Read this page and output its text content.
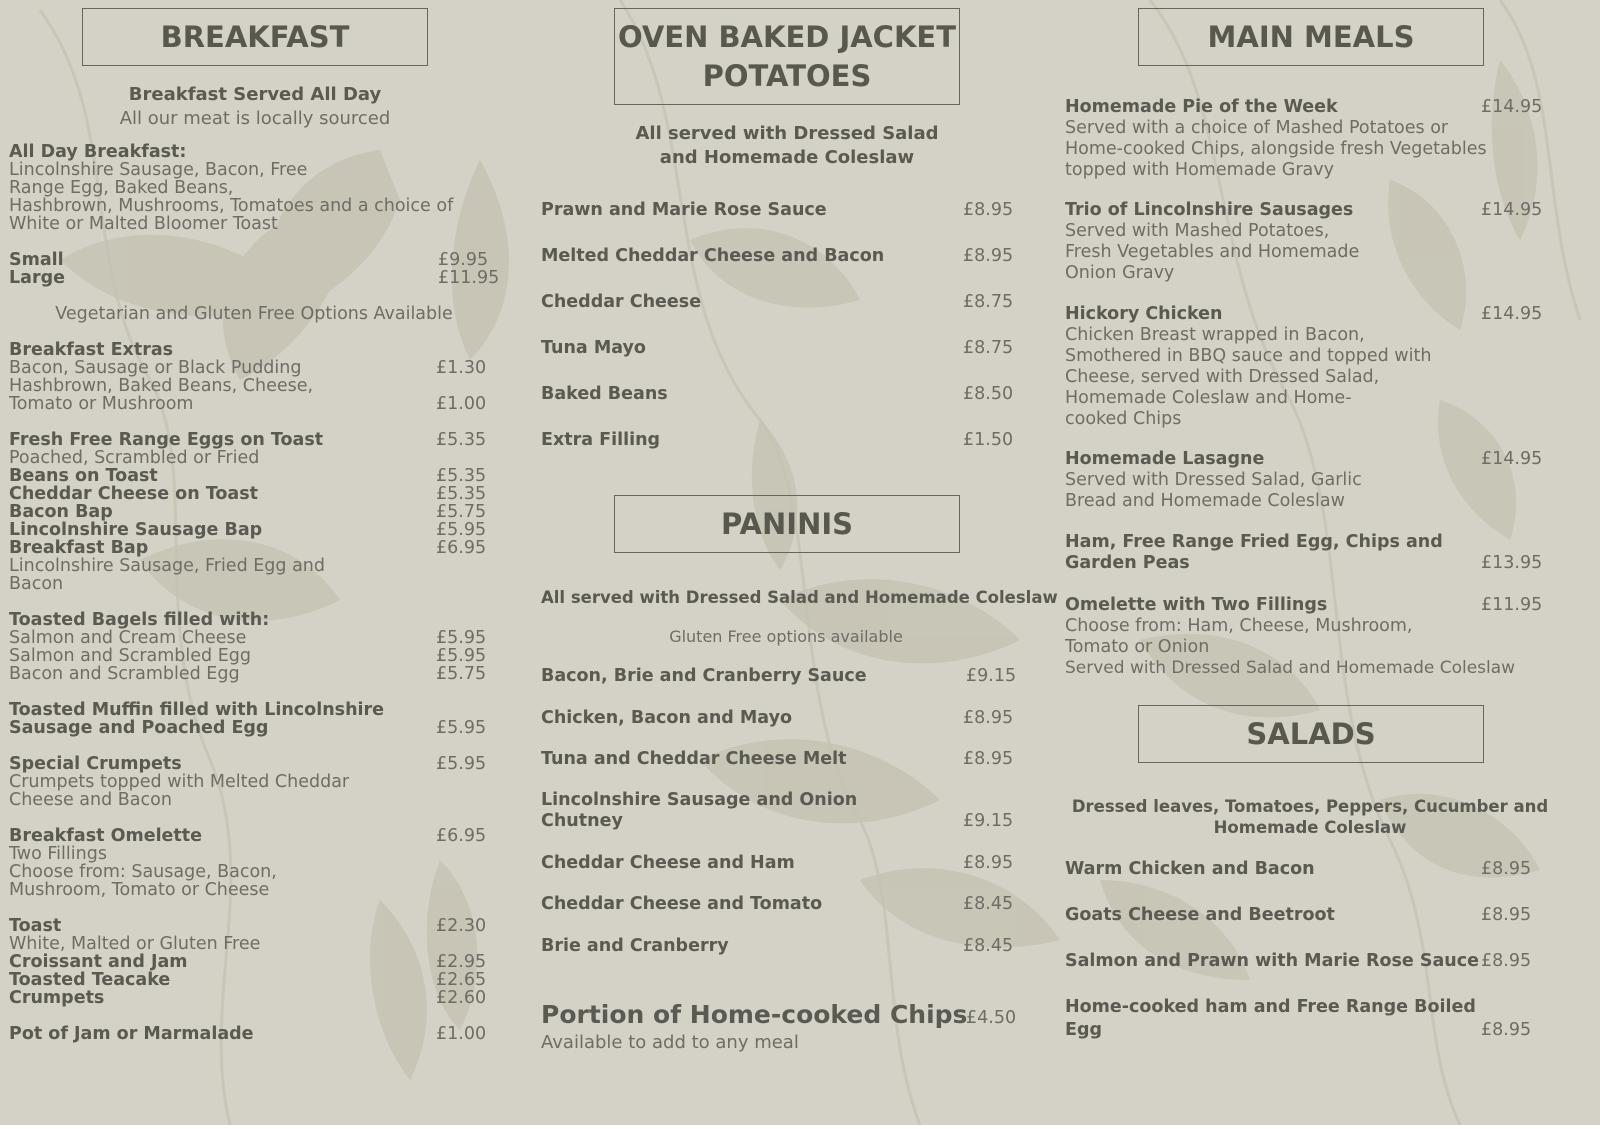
BREAKFAST
Breakfast Served All Day
All our meat is locally sourced
All Day Breakfast:
Lincolnshire Sausage, Bacon, Free
Range Egg, Baked Beans,
Hashbrown, Mushrooms, Tomatoes and a choice of
White or Malted Bloomer Toast
Small	£9.95
Large	£11.95
Vegetarian and Gluten Free Options Available
Breakfast Extras
Bacon, Sausage or Black Pudding	£1.30
Hashbrown, Baked Beans, Cheese,
Tomato or Mushroom	£1.00
Fresh Free Range Eggs on Toast	£5.35
Poached, Scrambled or Fried
Beans on Toast	£5.35
Cheddar Cheese on Toast	£5.35
Bacon Bap	£5.75
Lincolnshire Sausage Bap	£5.95
Breakfast Bap	£6.95
Lincolnshire Sausage, Fried Egg and
Bacon
Toasted Bagels filled with:
Salmon and Cream Cheese	£5.95
Salmon and Scrambled Egg	£5.95
Bacon and Scrambled Egg	£5.75
Toasted Muffin filled with Lincolnshire
Sausage and Poached Egg	£5.95
Special Crumpets	£5.95
Crumpets topped with Melted Cheddar
Cheese and Bacon
Breakfast Omelette	£6.95
Two Fillings
Choose from: Sausage, Bacon,
Mushroom, Tomato or Cheese
Toast	£2.30
White, Malted or Gluten Free
Croissant and Jam	£2.95
Toasted Teacake	£2.65
Crumpets	£2.60
Pot of Jam or Marmalade	£1.00
OVEN BAKED JACKET
POTATOES
All served with Dressed Salad
and Homemade Coleslaw
Prawn and Marie Rose Sauce	£8.95
Melted Cheddar Cheese and Bacon	£8.95
Cheddar Cheese	£8.75
Tuna Mayo	£8.75
Baked Beans	£8.50
Extra Filling	£1.50
PANINIS
All served with Dressed Salad and Homemade Coleslaw
Gluten Free options available
Bacon, Brie and Cranberry Sauce	£9.15
Chicken, Bacon and Mayo	£8.95
Tuna and Cheddar Cheese Melt	£8.95
Lincolnshire Sausage and Onion
Chutney	£9.15
Cheddar Cheese and Ham	£8.95
Cheddar Cheese and Tomato	£8.45
Brie and Cranberry	£8.45
Portion of Home-cooked Chips
£4.50
Available to add to any meal
MAIN MEALS
Homemade Pie of the Week	£14.95
Served with a choice of Mashed Potatoes or
Home-cooked Chips, alongside fresh Vegetables
topped with Homemade Gravy
Trio of Lincolnshire Sausages	£14.95
Served with Mashed Potatoes,
Fresh Vegetables and Homemade
Onion Gravy
Hickory Chicken	£14.95
Chicken Breast wrapped in Bacon,
Smothered in BBQ sauce and topped with
Cheese, served with Dressed Salad,
Homemade Coleslaw and Home-
cooked Chips
Homemade Lasagne	£14.95
Served with Dressed Salad, Garlic
Bread and Homemade Coleslaw
Ham, Free Range Fried Egg, Chips and
Garden Peas	£13.95
Omelette with Two Fillings	£11.95
Choose from: Ham, Cheese, Mushroom,
Tomato or Onion
Served with Dressed Salad and Homemade Coleslaw
SALADS
Dressed leaves, Tomatoes, Peppers, Cucumber and
Homemade Coleslaw
Warm Chicken and Bacon	£8.95
Goats Cheese and Beetroot	£8.95
Salmon and Prawn with Marie Rose Sauce £8.95
Home-cooked ham and Free Range Boiled
Egg	£8.95
